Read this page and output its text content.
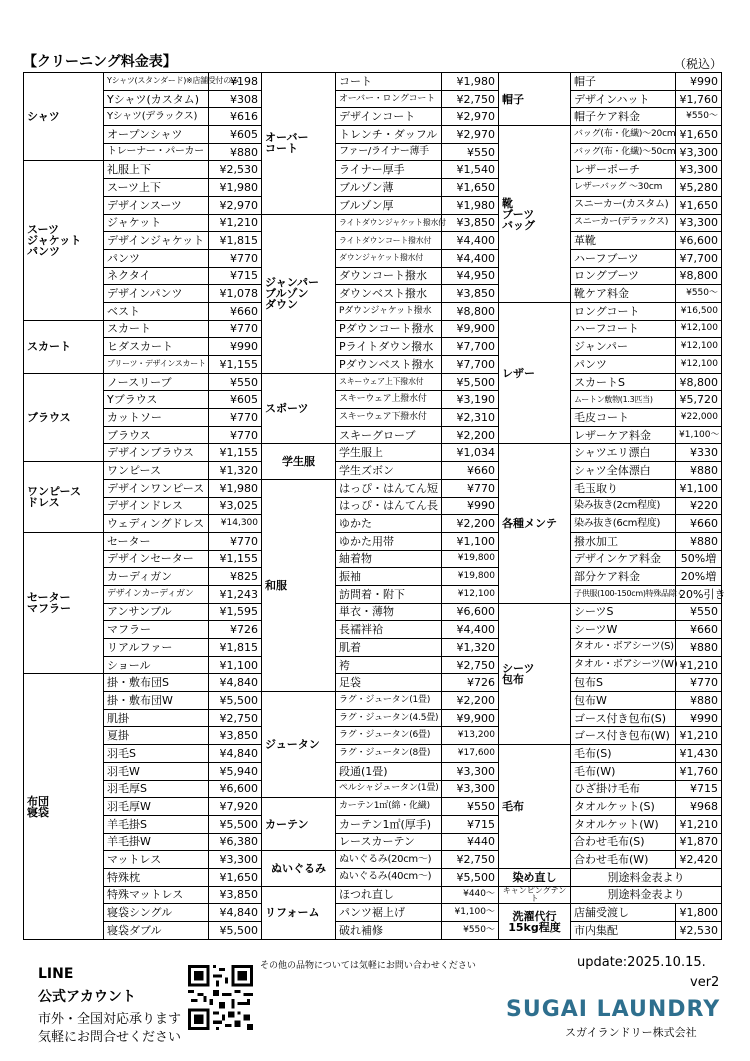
【クリーニング料金表】	（税込）
シャツ	Yシャツ(スタンダード)※店舗受付のみ	¥198
	Yシャツ(カスタム)	¥308
	Yシャツ(デラックス)	¥616
	オープンシャツ	¥605
	トレーナー・パーカー	¥880
スーツ
ジャケット
パンツ	礼服上下	¥2,530
	スーツ上下	¥1,980
	デザインスーツ	¥2,970
	ジャケット	¥1,210
	デザインジャケット	¥1,815
	パンツ	¥770
	ネクタイ	¥715
	デザインパンツ	¥1,078
	ベスト	¥660
スカート	スカート	¥770
	ヒダスカート	¥990
	プリーツ・デザインスカート	¥1,155
ブラウス	ノースリーブ	¥550
	Yブラウス	¥605
	カットソー	¥770
	ブラウス	¥770
	デザインブラウス	¥1,155
ワンピース
ドレス	ワンピース	¥1,320
	デザインワンピース	¥1,980
	デザインドレス	¥3,025
	ウェディングドレス	¥14,300
セーター
マフラー	セーター	¥770
	デザインセーター	¥1,155
	カーディガン	¥825
	デザインカーディガン	¥1,243
	アンサンブル	¥1,595
	マフラー	¥726
	リアルファー	¥1,815
	ショール	¥1,100
布団
寝袋	掛・敷布団S	¥4,840
	掛・敷布団W	¥5,500
	肌掛	¥2,750
	夏掛	¥3,850
	羽毛S	¥4,840
	羽毛W	¥5,940
	羽毛厚S	¥6,600
	羽毛厚W	¥7,920
	羊毛掛S	¥5,500
	羊毛掛W	¥6,380
	マットレス	¥3,300
	特殊枕	¥1,650
	特殊マットレス	¥3,850
	寝袋シングル	¥4,840
	寝袋ダブル	¥5,500
オーバー
コート	コート	¥1,980
	オーバー・ロングコート	¥2,750
	デザインコート	¥2,970
	トレンチ・ダッフル	¥2,970
	ファー/ライナー薄手	¥550
	ライナー厚手	¥1,540
	ブルゾン薄	¥1,650
	ブルゾン厚	¥1,980
ジャンパー
ブルゾン
ダウン	ライトダウンジャケット撥水付	¥3,850
	ライトダウンコート撥水付	¥4,400
	ダウンジャケット撥水付	¥4,400
	ダウンコート撥水	¥4,950
	ダウンベスト撥水	¥3,850
	Pダウンジャケット撥水	¥8,800
	Pダウンコート撥水	¥9,900
	Pライトダウン撥水	¥7,700
	Pダウンベスト撥水	¥7,700
スポーツ	スキーウェア上下撥水付	¥5,500
	スキーウェア上撥水付	¥3,190
	スキーウェア下撥水付	¥2,310
	スキーグローブ	¥2,200
学生服	学生服上	¥1,034
	学生ズボン	¥660
和服	はっぴ・はんてん短	¥770
	はっぴ・はんてん長	¥990
	ゆかた	¥2,200
	ゆかた用帯	¥1,100
	紬着物	¥19,800
	振袖	¥19,800
	訪問着・附下	¥12,100
	単衣・薄物	¥6,600
	長襦袢袷	¥4,400
	肌着	¥1,320
	袴	¥2,750
	足袋	¥726
ジュータン	ラグ・ジュータン(1畳)	¥2,200
	ラグ・ジュータン(4.5畳)	¥9,900
	ラグ・ジュータン(6畳)	¥13,200
	ラグ・ジュータン(8畳)	¥17,600
	段通(1畳)	¥3,300
	ペルシャジュータン(1畳)	¥3,300
カーテン	カーテン1㎡(綿・化繊)	¥550
	カーテン1㎡(厚手)	¥715
	レースカーテン	¥440
ぬいぐるみ	ぬいぐるみ(20cm〜)	¥2,750
	ぬいぐるみ(40cm〜)	¥5,500
リフォーム	ほつれ直し	¥440〜
	パンツ裾上げ	¥1,100〜
	破れ補修	¥550〜
帽子	帽子	¥990
	デザインハット	¥1,760
	帽子ケア料金	¥550〜
靴
ブーツ
バッグ	バッグ(布・化繊)〜20cm	¥1,650
	バッグ(布・化繊)〜50cm	¥3,300
	レザーポーチ	¥3,300
	レザーバッグ 〜30cm	¥5,280
	スニーカー(カスタム)	¥1,650
	スニーカー(デラックス)	¥3,300
	革靴	¥6,600
	ハーフブーツ	¥7,700
	ロングブーツ	¥8,800
	靴ケア料金	¥550〜
レザー	ロングコート	¥16,500
	ハーフコート	¥12,100
	ジャンパー	¥12,100
	パンツ	¥12,100
	スカートS	¥8,800
	ムートン敷物(1.3匹当)	¥5,720
	毛皮コート	¥22,000
	レザーケア料金	¥1,100〜
各種メンテ	シャツエリ漂白	¥330
	シャツ全体漂白	¥880
	毛玉取り	¥1,100
	染み抜き(2cm程度)	¥220
	染み抜き(6cm程度)	¥660
	撥水加工	¥880
	デザインケア料金	50%増
	部分ケア料金	20%増
	子供服(100-150cm)特殊品除く	20%引き
シーツ
包布	シーツS	¥550
	シーツW	¥660
	タオル・ボアシーツ(S)	¥880
	タオル・ボアシーツ(W)	¥1,210
	包布S	¥770
	包布W	¥880
	ゴース付き包布(S)	¥990
	ゴース付き包布(W)	¥1,210
毛布	毛布(S)	¥1,430
	毛布(W)	¥1,760
	ひざ掛け毛布	¥715
	タオルケット(S)	¥968
	タオルケット(W)	¥1,210
	合わせ毛布(S)	¥1,870
	合わせ毛布(W)	¥2,420
染め直し	別途料金表より	
キャンピングテント	別途料金表より	
洗濯代行
15kg程度	店舗受渡し	¥1,800
	市内集配	¥2,530
その他の品物については気軽にお問い合わせください	update:2025.10.15.
ver2
LINE
公式アカウント
市外・全国対応承ります
気軽にお問合せください
SUGAI LAUNDRY
スガイランドリー株式会社
